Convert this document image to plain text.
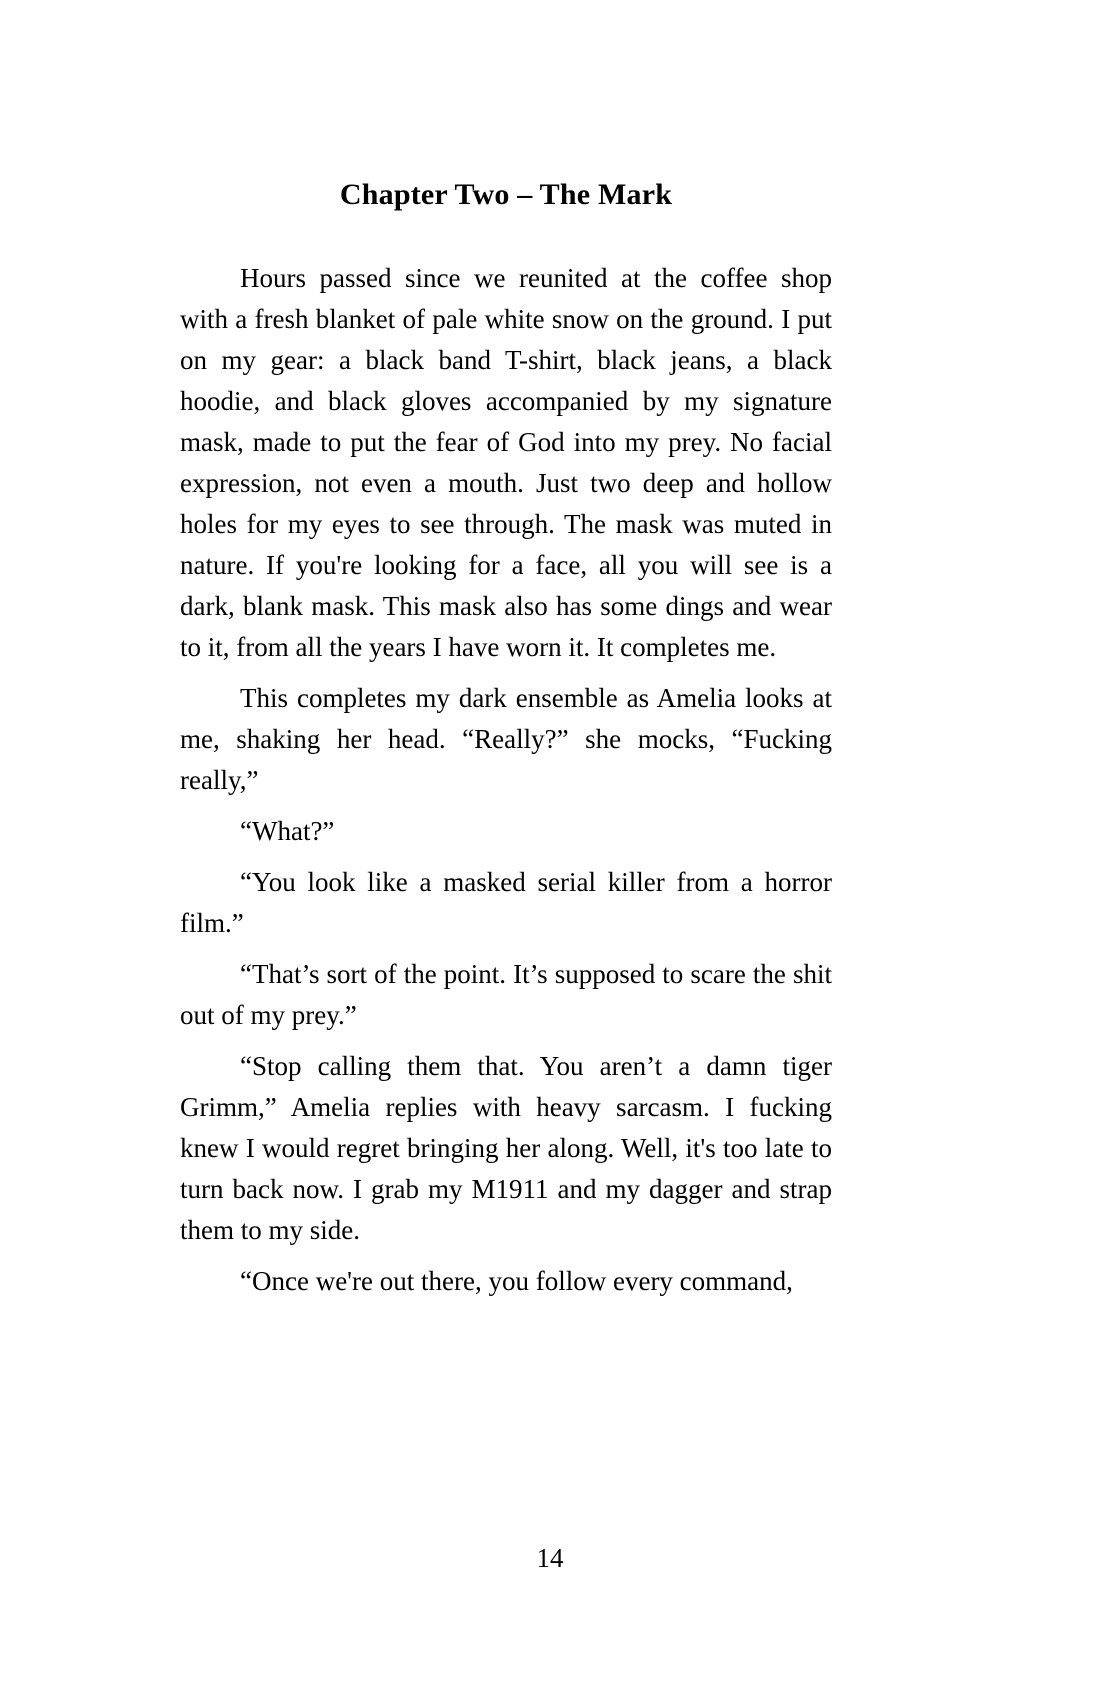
Chapter Two – The Mark

Hours passed since we reunited at the coffee shop with a fresh blanket of pale white snow on the ground. I put on my gear: a black band T-shirt, black jeans, a black hoodie, and black gloves accompanied by my signature mask, made to put the fear of God into my prey. No facial expression, not even a mouth. Just two deep and hollow holes for my eyes to see through. The mask was muted in nature. If you're looking for a face, all you will see is a dark, blank mask. This mask also has some dings and wear to it, from all the years I have worn it. It completes me.

This completes my dark ensemble as Amelia looks at me, shaking her head. “Really?” she mocks, “Fucking really,”

“What?”

“You look like a masked serial killer from a horror film.”

“That’s sort of the point. It’s supposed to scare the shit out of my prey.”

“Stop calling them that. You aren’t a damn tiger Grimm,” Amelia replies with heavy sarcasm. I fucking knew I would regret bringing her along. Well, it's too late to turn back now. I grab my M1911 and my dagger and strap them to my side.

“Once we're out there, you follow every command,

14
